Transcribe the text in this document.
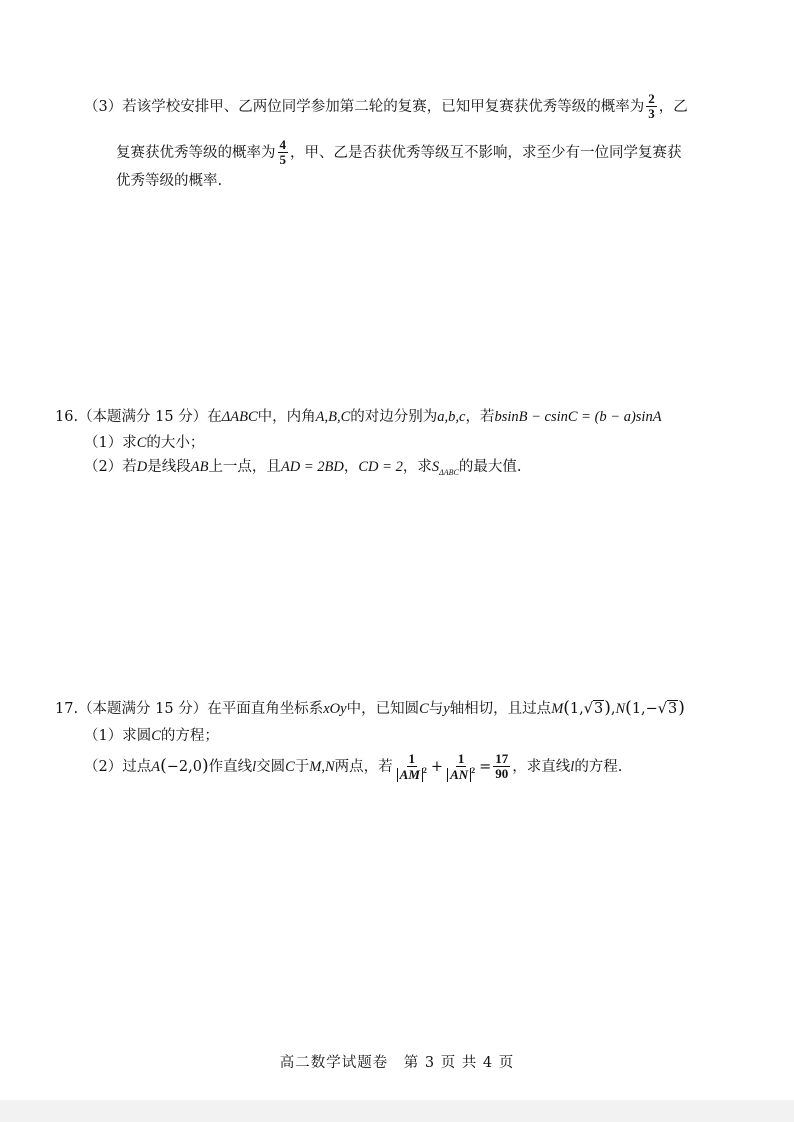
（3）若该学校安排甲、乙两位同学参加第二轮的复赛，已知甲复赛获优秀等级的概率为 $\frac{2}{3}$ ，乙
复赛获优秀等级的概率为 $\frac{4}{5}$ ，甲、乙是否获优秀等级互不影响，求至少有一位同学复赛获
优秀等级的概率.
16.（本题满分 15 分）在ΔABC中，内角A,B,C的对边分别为a,b,c，若bsinB − csinC = (b − a)sinA
（1）求C的大小；
（2）若D是线段AB上一点，且AD = 2BD，CD = 2，求$S_{\Delta ABC}$的最大值.
17.（本题满分 15 分）在平面直角坐标系xOy中，已知圆C与y轴相切，且过点M(1,√3),N(1,−√3)
（1）求圆C的方程；
（2）过点A(−2,0)作直线l交圆C于M,N两点，若 $\frac{1}{AM ^2} + \frac{1}{AN ^2} = \frac{17}{90}$ ，求直线l的方程.
高二数学试题卷　第 3 页 共 4 页
